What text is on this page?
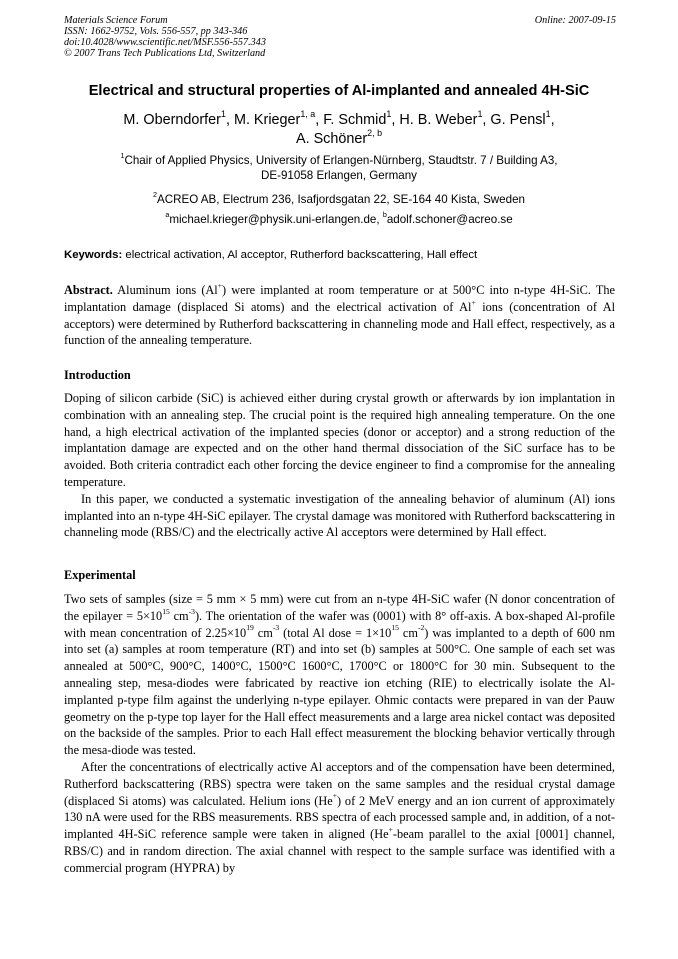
Materials Science Forum
ISSN: 1662-9752, Vols. 556-557, pp 343-346
doi:10.4028/www.scientific.net/MSF.556-557.343
© 2007 Trans Tech Publications Ltd, Switzerland
Online: 2007-09-15
Electrical and structural properties of Al-implanted and annealed 4H-SiC
M. Oberndorfer$^1$, M. Krieger$^{1, a}$, F. Schmid$^1$, H. B. Weber$^1$, G. Pensl$^1$,
A. Schöner$^{2, b}$
$^1$Chair of Applied Physics, University of Erlangen-Nürnberg, Staudtstr. 7 / Building A3,
DE-91058 Erlangen, Germany
$^2$ACREO AB, Electrum 236, Isafjordsgatan 22, SE-164 40 Kista, Sweden
$^a$michael.krieger@physik.uni-erlangen.de, $^b$adolf.schoner@acreo.se
Keywords: electrical activation, Al acceptor, Rutherford backscattering, Hall effect

Abstract. Aluminum ions (Al+) were implanted at room temperature or at 500°C into n-type 4H-SiC. The implantation damage (displaced Si atoms) and the electrical activation of Al+ ions (concentration of Al acceptors) were determined by Rutherford backscattering in channeling mode and Hall effect, respectively, as a function of the annealing temperature.

Introduction

Doping of silicon carbide (SiC) is achieved either during crystal growth or afterwards by ion implantation in combination with an annealing step. The crucial point is the required high annealing temperature. On the one hand, a high electrical activation of the implanted species (donor or acceptor) and a strong reduction of the implantation damage are expected and on the other hand thermal dissociation of the SiC surface has to be avoided. Both criteria contradict each other forcing the device engineer to find a compromise for the annealing temperature.

In this paper, we conducted a systematic investigation of the annealing behavior of aluminum (Al) ions implanted into an n-type 4H-SiC epilayer. The crystal damage was monitored with Rutherford backscattering in channeling mode (RBS/C) and the electrically active Al acceptors were determined by Hall effect.

Experimental

Two sets of samples (size = 5 mm × 5 mm) were cut from an n-type 4H-SiC wafer (N donor concentration of the epilayer = $5\times 10^{15}$ $cm^{-3}$). The orientation of the wafer was (0001) with 8° off-axis. A box-shaped Al-profile with mean concentration of $2.25\times 10^{19}$ $cm^{-3}$ (total Al dose = $1\times 10^{15}$ $cm^{-2}$) was implanted to a depth of 600 nm into set (a) samples at room temperature (RT) and into set (b) samples at 500°C. One sample of each set was annealed at 500°C, 900°C, 1400°C, 1500°C 1600°C, 1700°C or 1800°C for 30 min. Subsequent to the annealing step, mesa-diodes were fabricated by reactive ion etching (RIE) to electrically isolate the Al-implanted p-type film against the underlying n-type epilayer. Ohmic contacts were prepared in van der Pauw geometry on the p-type top layer for the Hall effect measurements and a large area nickel contact was deposited on the backside of the samples. Prior to each Hall effect measurement the blocking behavior vertically through the mesa-diode was tested.

After the concentrations of electrically active Al acceptors and of the compensation have been determined, Rutherford backscattering (RBS) spectra were taken on the same samples and the residual crystal damage (displaced Si atoms) was calculated. Helium ions (He+) of 2 MeV energy and an ion current of approximately 130 nA were used for the RBS measurements. RBS spectra of each processed sample and, in addition, of a not-implanted 4H-SiC reference sample were taken in aligned (He+-beam parallel to the axial [0001] channel, RBS/C) and in random direction. The axial channel with respect to the sample surface was identified with a commercial program (HYPRA) by
